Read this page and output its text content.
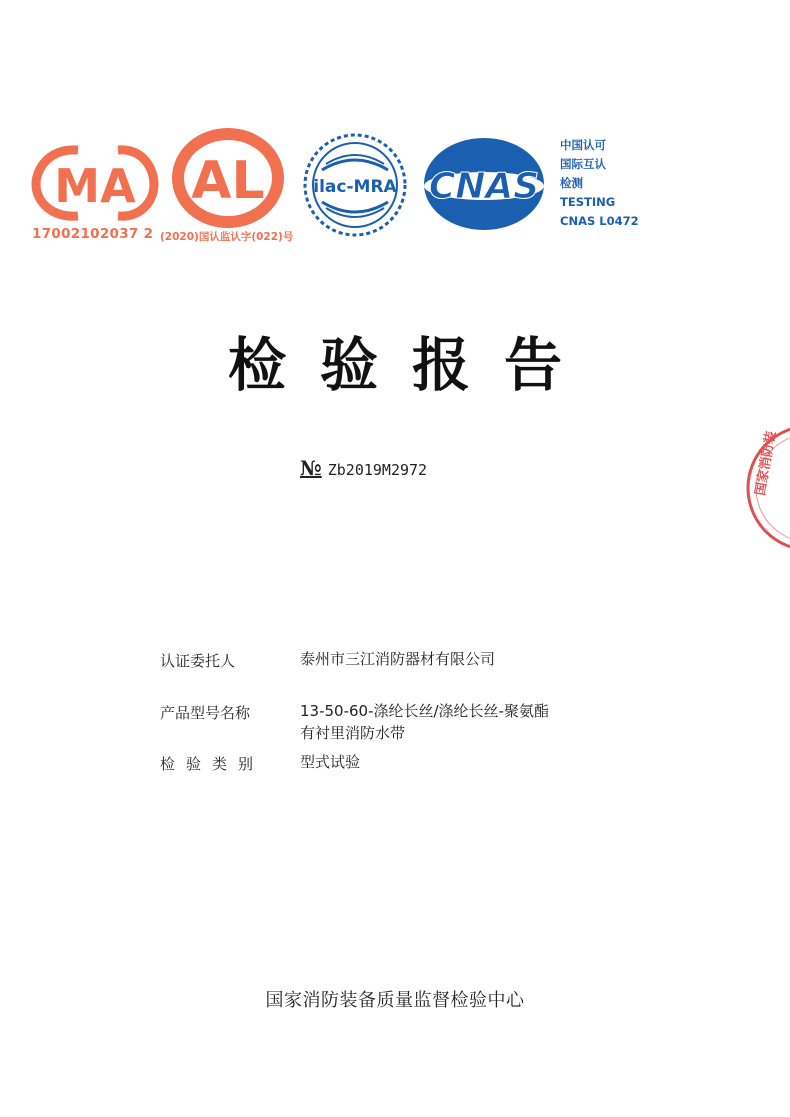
MA
17002102037 2
AL
(2020)国认监认字(022)号
ilac-MRA CNAS
中国认可
国际互认
检测
TESTING
CNAS L0472
检验报告
№ Zb2019M2972	国家消防装
认证委托人	泰州市三江消防器材有限公司
产品型号名称	13-50-60-涤纶长丝/涤纶长丝-聚氨酯
有衬里消防水带
检验类别 型式试验
国家消防装备质量监督检验中心
